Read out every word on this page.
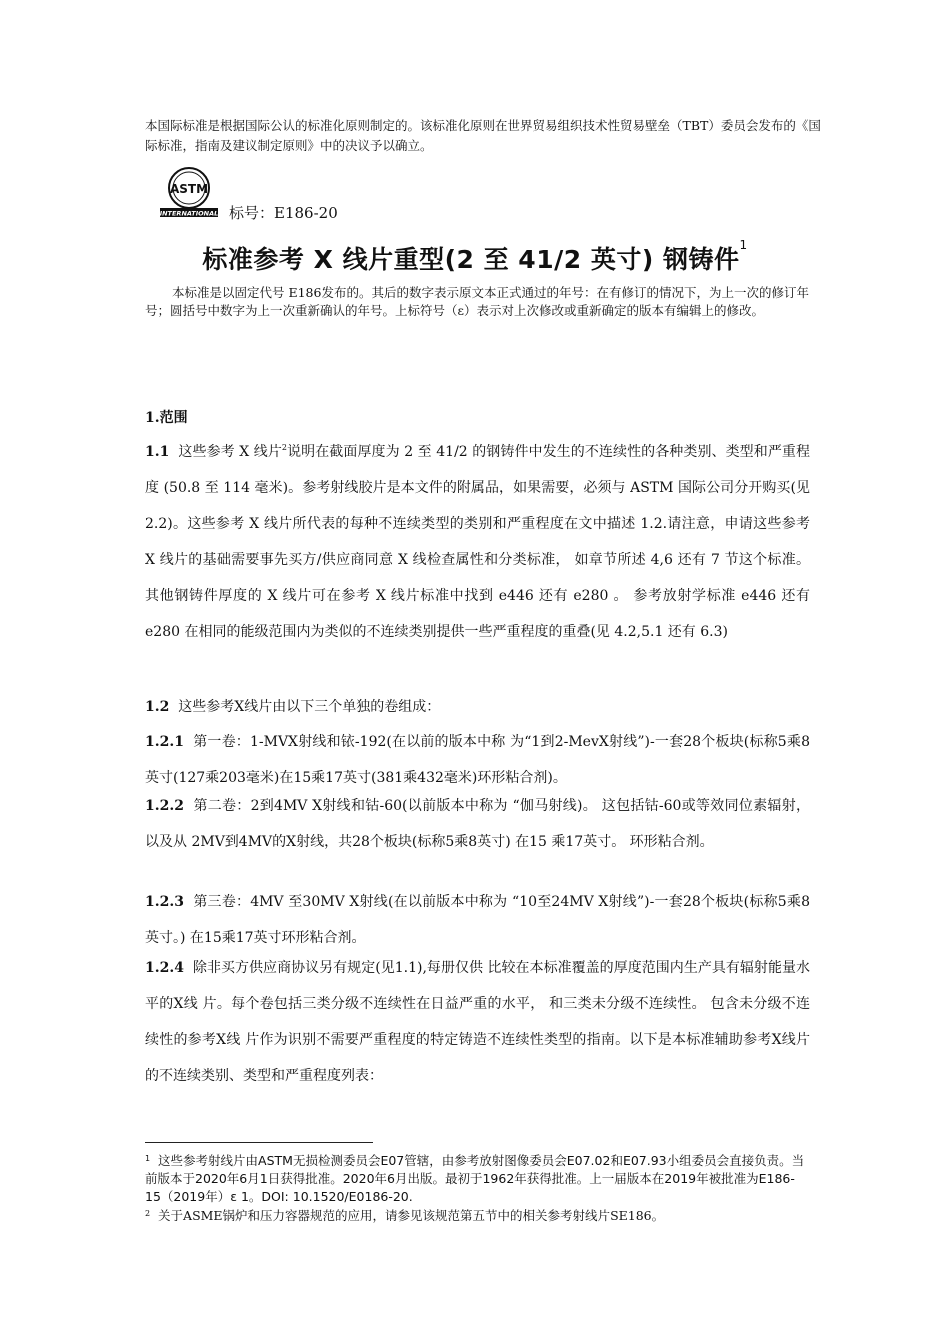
本国际标准是根据国际公认的标准化原则制定的。该标准化原则在世界贸易组织技术性贸易壁垒（TBT）委员会发布的《国际标准，指南及建议制定原则》中的决议予以确立。
ASTM
INTERNATIONAL 标号：E186-20
标准参考 X 线片重型(2 至 41/2 英寸) 钢铸件$^1$
本标准是以固定代号 E186发布的。其后的数字表示原文本正式通过的年号：在有修订的情况下，为上一次的修订年号；圆括号中数字为上一次重新确认的年号。上标符号（ε）表示对上次修改或重新确定的版本有编辑上的修改。
1.范围
1.1 这些参考 X 线片$^2$说明在截面厚度为 2 至 41/2 的钢铸件中发生的不连续性的各种类别、类型和严重程度 (50.8 至 114 毫米)。参考射线胶片是本文件的附属品，如果需要，必须与 ASTM 国际公司分开购买(见 2.2)。这些参考 X 线片所代表的每种不连续类型的类别和严重程度在文中描述 1.2.请注意，申请这些参考 X 线片的基础需要事先买方/供应商同意 X 线检查属性和分类标准， 如章节所述 4,6 还有 7 节这个标准。其他钢铸件厚度的 X 线片可在参考 X 线片标准中找到 e446 还有 e280 。 参考放射学标准 e446 还有 e280 在相同的能级范围内为类似的不连续类别提供一些严重程度的重叠(见 4.2,5.1 还有 6.3)
1.2 这些参考X线片由以下三个单独的卷组成：
1.2.1 第一卷：1-MVX射线和铱-192(在以前的版本中称 为“1到2-MevX射线”)-一套28个板块(标称5乘8英寸(127乘203毫米)在15乘17英寸(381乘432毫米)环形粘合剂)。
1.2.2 第二卷：2到4MV X射线和钴-60(以前版本中称为 “伽马射线)。 这包括钴-60或等效同位素辐射，以及从 2MV到4MV的X射线，共28个板块(标称5乘8英寸) 在15 乘17英寸。 环形粘合剂。
1.2.3 第三卷：4MV 至30MV X射线(在以前版本中称为 “10至24MV X射线”)-一套28个板块(标称5乘8英寸。) 在15乘17英寸环形粘合剂。
1.2.4 除非买方供应商协议另有规定(见1.1),每册仅供 比较在本标准覆盖的厚度范围内生产具有辐射能量水平的X线 片。每个卷包括三类分级不连续性在日益严重的水平， 和三类未分级不连续性。 包含未分级不连续性的参考X线 片作为识别不需要严重程度的特定铸造不连续性类型的指南。以下是本标准辅助参考X线片的不连续类别、类型和严重程度列表：
$^1$ 这些参考射线片由ASTM无损检测委员会E07管辖，由参考放射图像委员会E07.02和E07.93小组委员会直接负责。当前版本于2020年6月1日获得批准。2020年6月出版。最初于1962年获得批准。上一届版本在2019年被批准为E186-15（2019年）ε 1。DOI: 10.1520/E0186-20.
$^2$ 关于ASME锅炉和压力容器规范的应用，请参见该规范第五节中的相关参考射线片SE186。
